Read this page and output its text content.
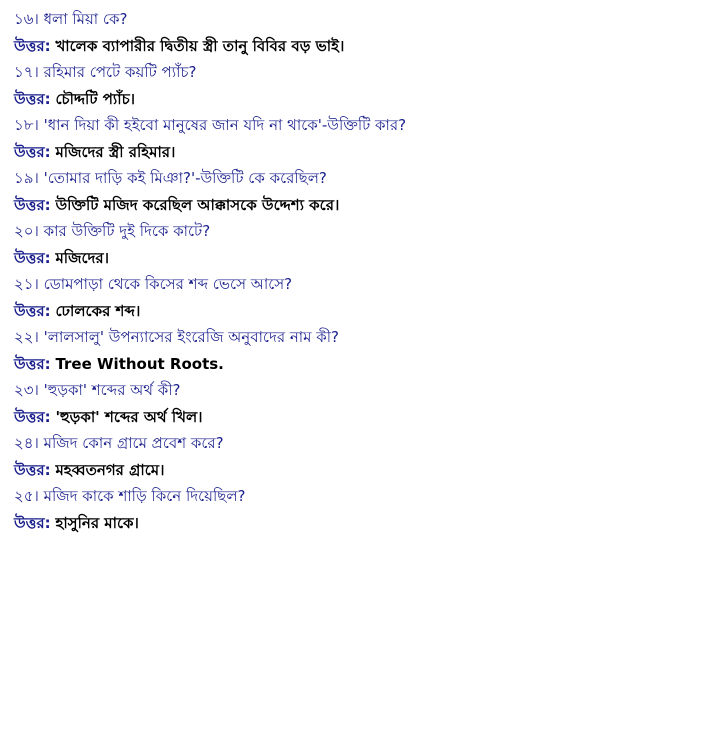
১৬। ধলা মিয়া কে?
উত্তর: খালেক ব্যাপারীর দ্বিতীয় স্ত্রী তানু বিবির বড় ভাই।
১৭। রহিমার পেটে কয়টি প্যাঁচ?
উত্তর: চৌদ্দটি প্যাঁচ।
১৮। 'ধান দিয়া কী হইবো মানুষের জান যদি না থাকে'-উক্তিটি কার?
উত্তর: মজিদের স্ত্রী রহিমার।
১৯। 'তোমার দাড়ি কই মিঞা?'-উক্তিটি কে করেছিল?
উত্তর: উক্তিটি মজিদ করেছিল আক্কাসকে উদ্দেশ্য করে।
২০। কার উক্তিটি দুই দিকে কাটে?
উত্তর: মজিদের।
২১। ডোমপাড়া থেকে কিসের শব্দ ভেসে আসে?
উত্তর: ঢোলকের শব্দ।
২২। 'লালসালু' উপন্যাসের ইংরেজি অনুবাদের নাম কী?
উত্তর: Tree Without Roots.
২৩। 'হুড়কা' শব্দের অর্থ কী?
উত্তর: 'হুড়কা' শব্দের অর্থ খিল।
২৪। মজিদ কোন গ্রামে প্রবেশ করে?
উত্তর: মহব্বতনগর গ্রামে।
২৫। মজিদ কাকে শাড়ি কিনে দিয়েছিল?
উত্তর: হাসুনির মাকে।
